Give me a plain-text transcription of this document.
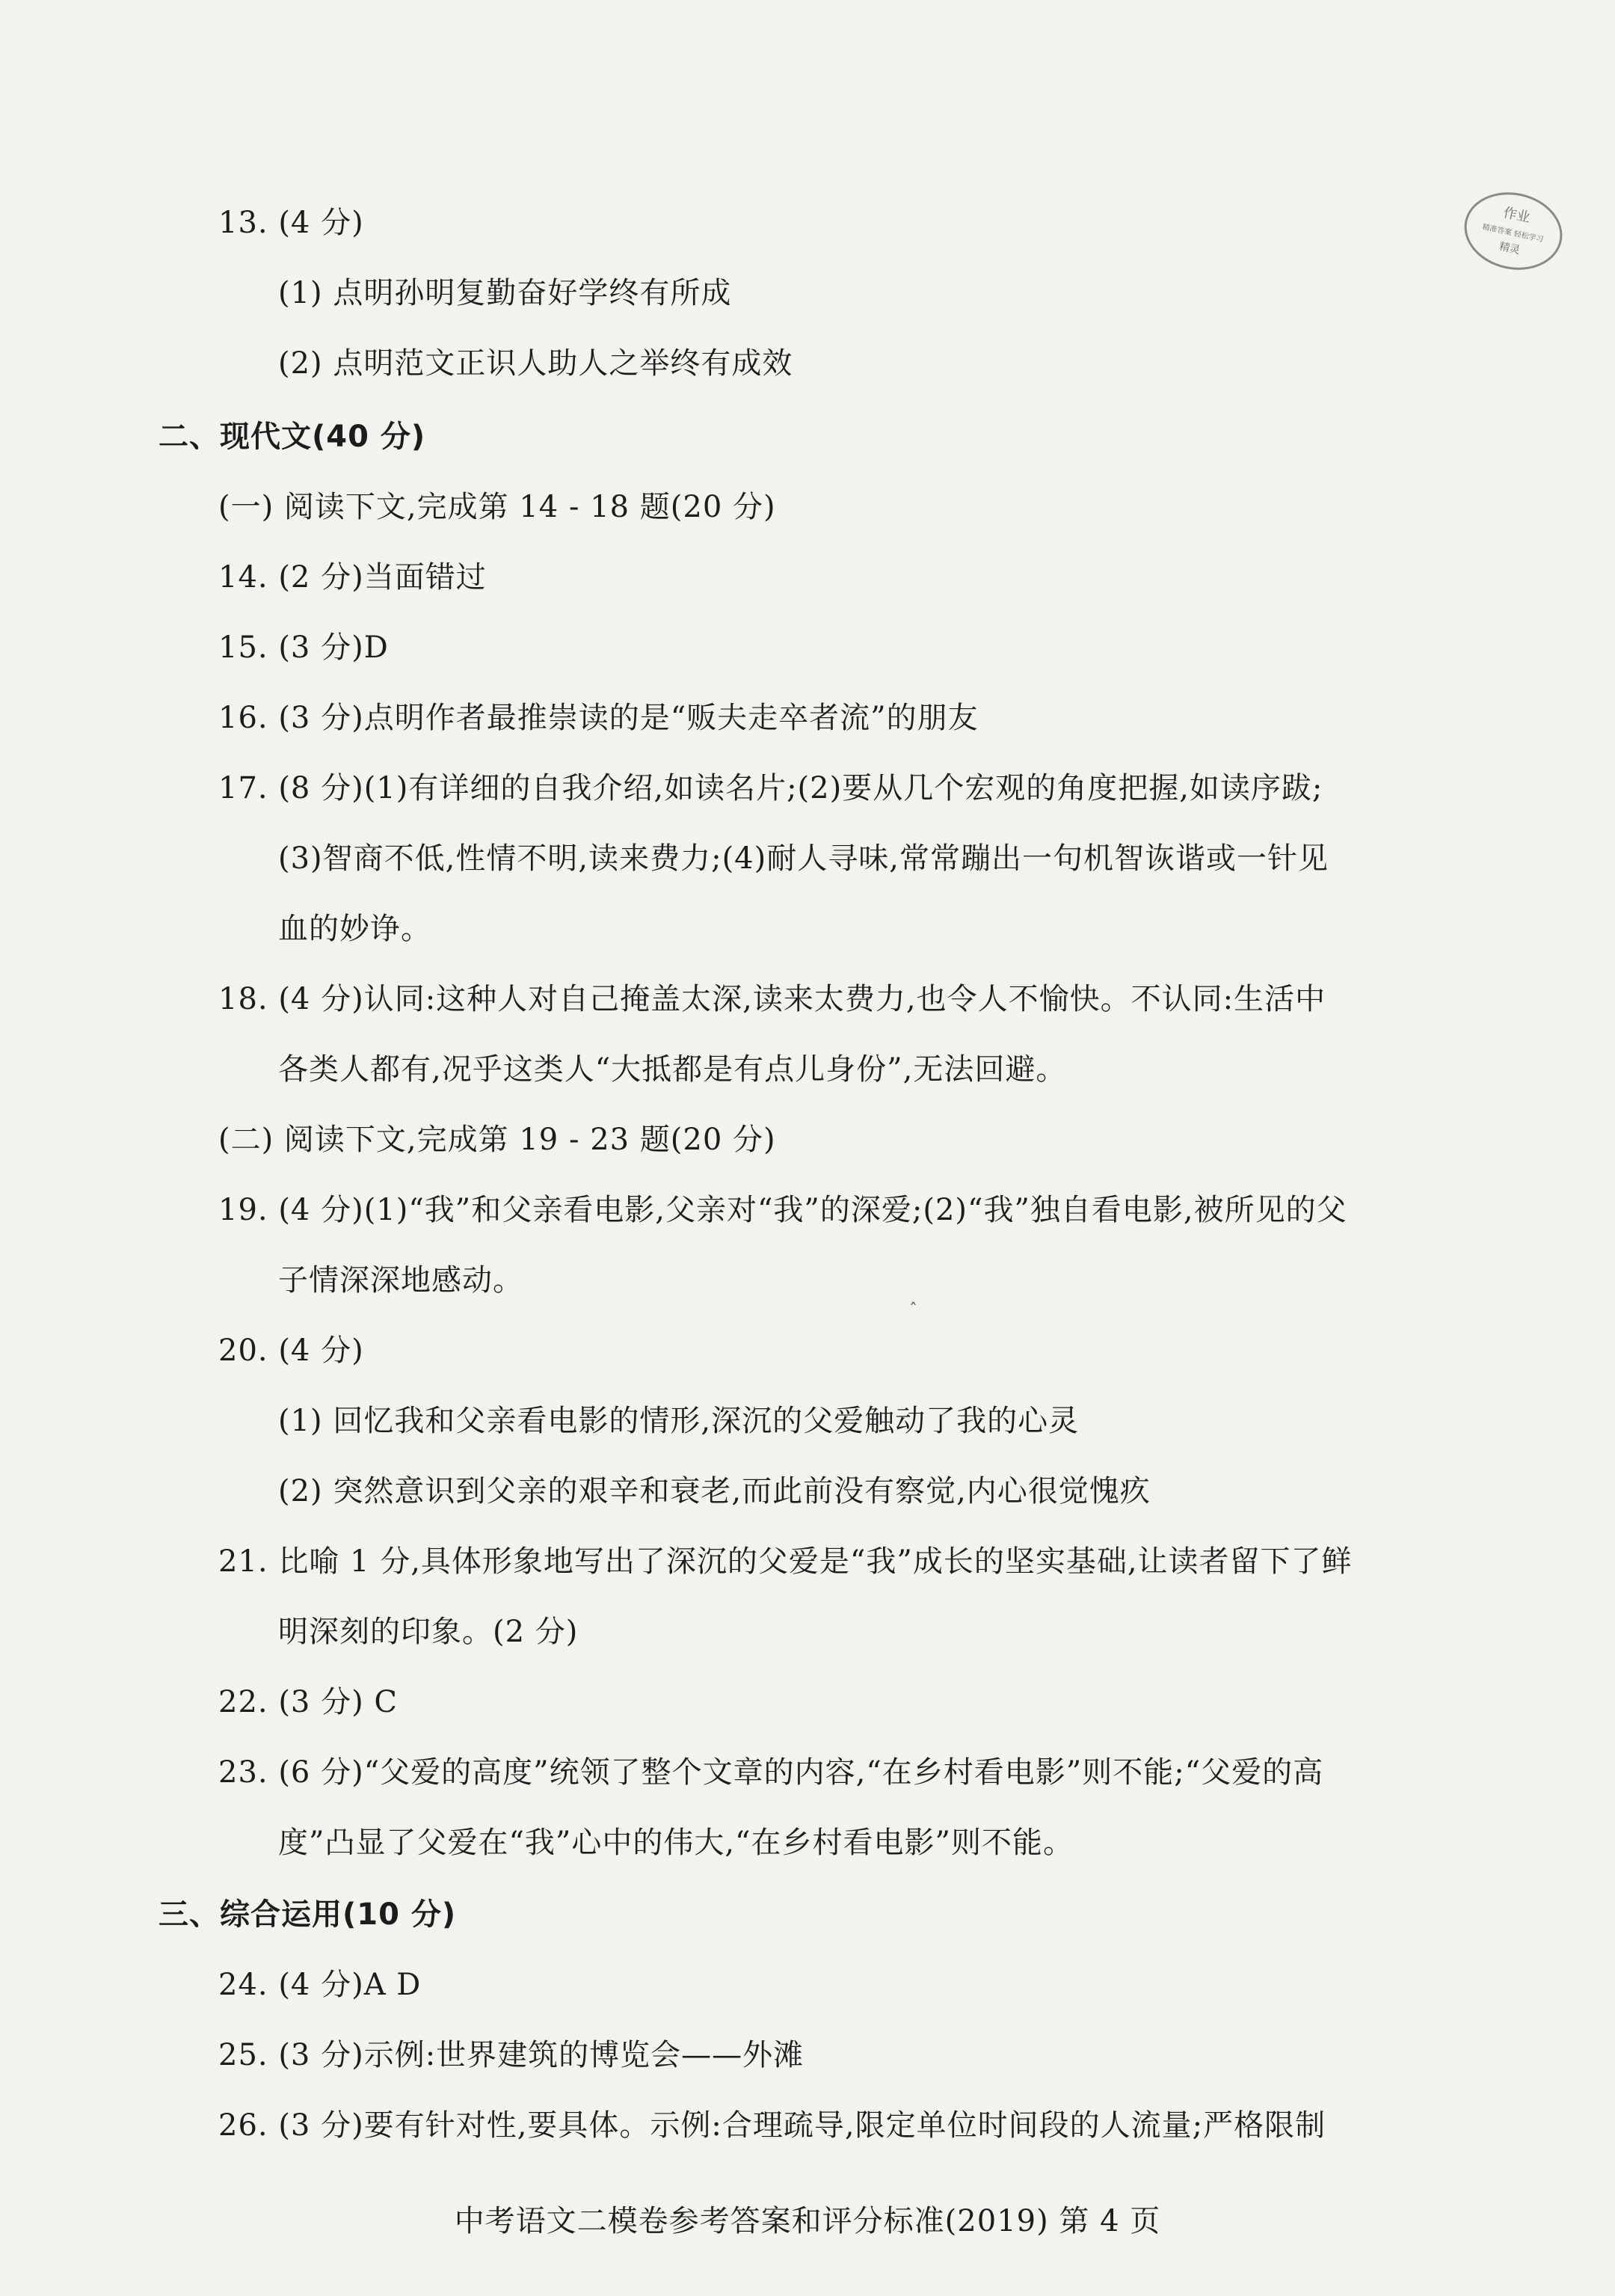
13. (4 分)
(1) 点明孙明复勤奋好学终有所成
(2) 点明范文正识人助人之举终有成效
二、现代文(40 分)
(一) 阅读下文,完成第 14 - 18 题(20 分)
14. (2 分)当面错过
15. (3 分)D
16. (3 分)点明作者最推崇读的是“贩夫走卒者流”的朋友
17. (8 分)(1)有详细的自我介绍,如读名片;(2)要从几个宏观的角度把握,如读序跋;
(3)智商不低,性情不明,读来费力;(4)耐人寻味,常常蹦出一句机智诙谐或一针见
血的妙诤。
18. (4 分)认同:这种人对自己掩盖太深,读来太费力,也令人不愉快。不认同:生活中
各类人都有,况乎这类人“大抵都是有点儿身份”,无法回避。
(二) 阅读下文,完成第 19 - 23 题(20 分)
19. (4 分)(1)“我”和父亲看电影,父亲对“我”的深爱;(2)“我”独自看电影,被所见的父
子情深深地感动。
ˆ
20. (4 分)
(1) 回忆我和父亲看电影的情形,深沉的父爱触动了我的心灵
(2) 突然意识到父亲的艰辛和衰老,而此前没有察觉,内心很觉愧疚
21. 比喻 1 分,具体形象地写出了深沉的父爱是“我”成长的坚实基础,让读者留下了鲜
明深刻的印象。(2 分)
22. (3 分) C
23. (6 分)“父爱的高度”统领了整个文章的内容,“在乡村看电影”则不能;“父爱的高
度”凸显了父爱在“我”心中的伟大,“在乡村看电影”则不能。
三、综合运用(10 分)
24. (4 分)A D
25. (3 分)示例:世界建筑的博览会——外滩
26. (3 分)要有针对性,要具体。示例:合理疏导,限定单位时间段的人流量;严格限制
中考语文二模卷参考答案和评分标准(2019) 第 4 页
作业
精准答案 轻松学习
精灵
